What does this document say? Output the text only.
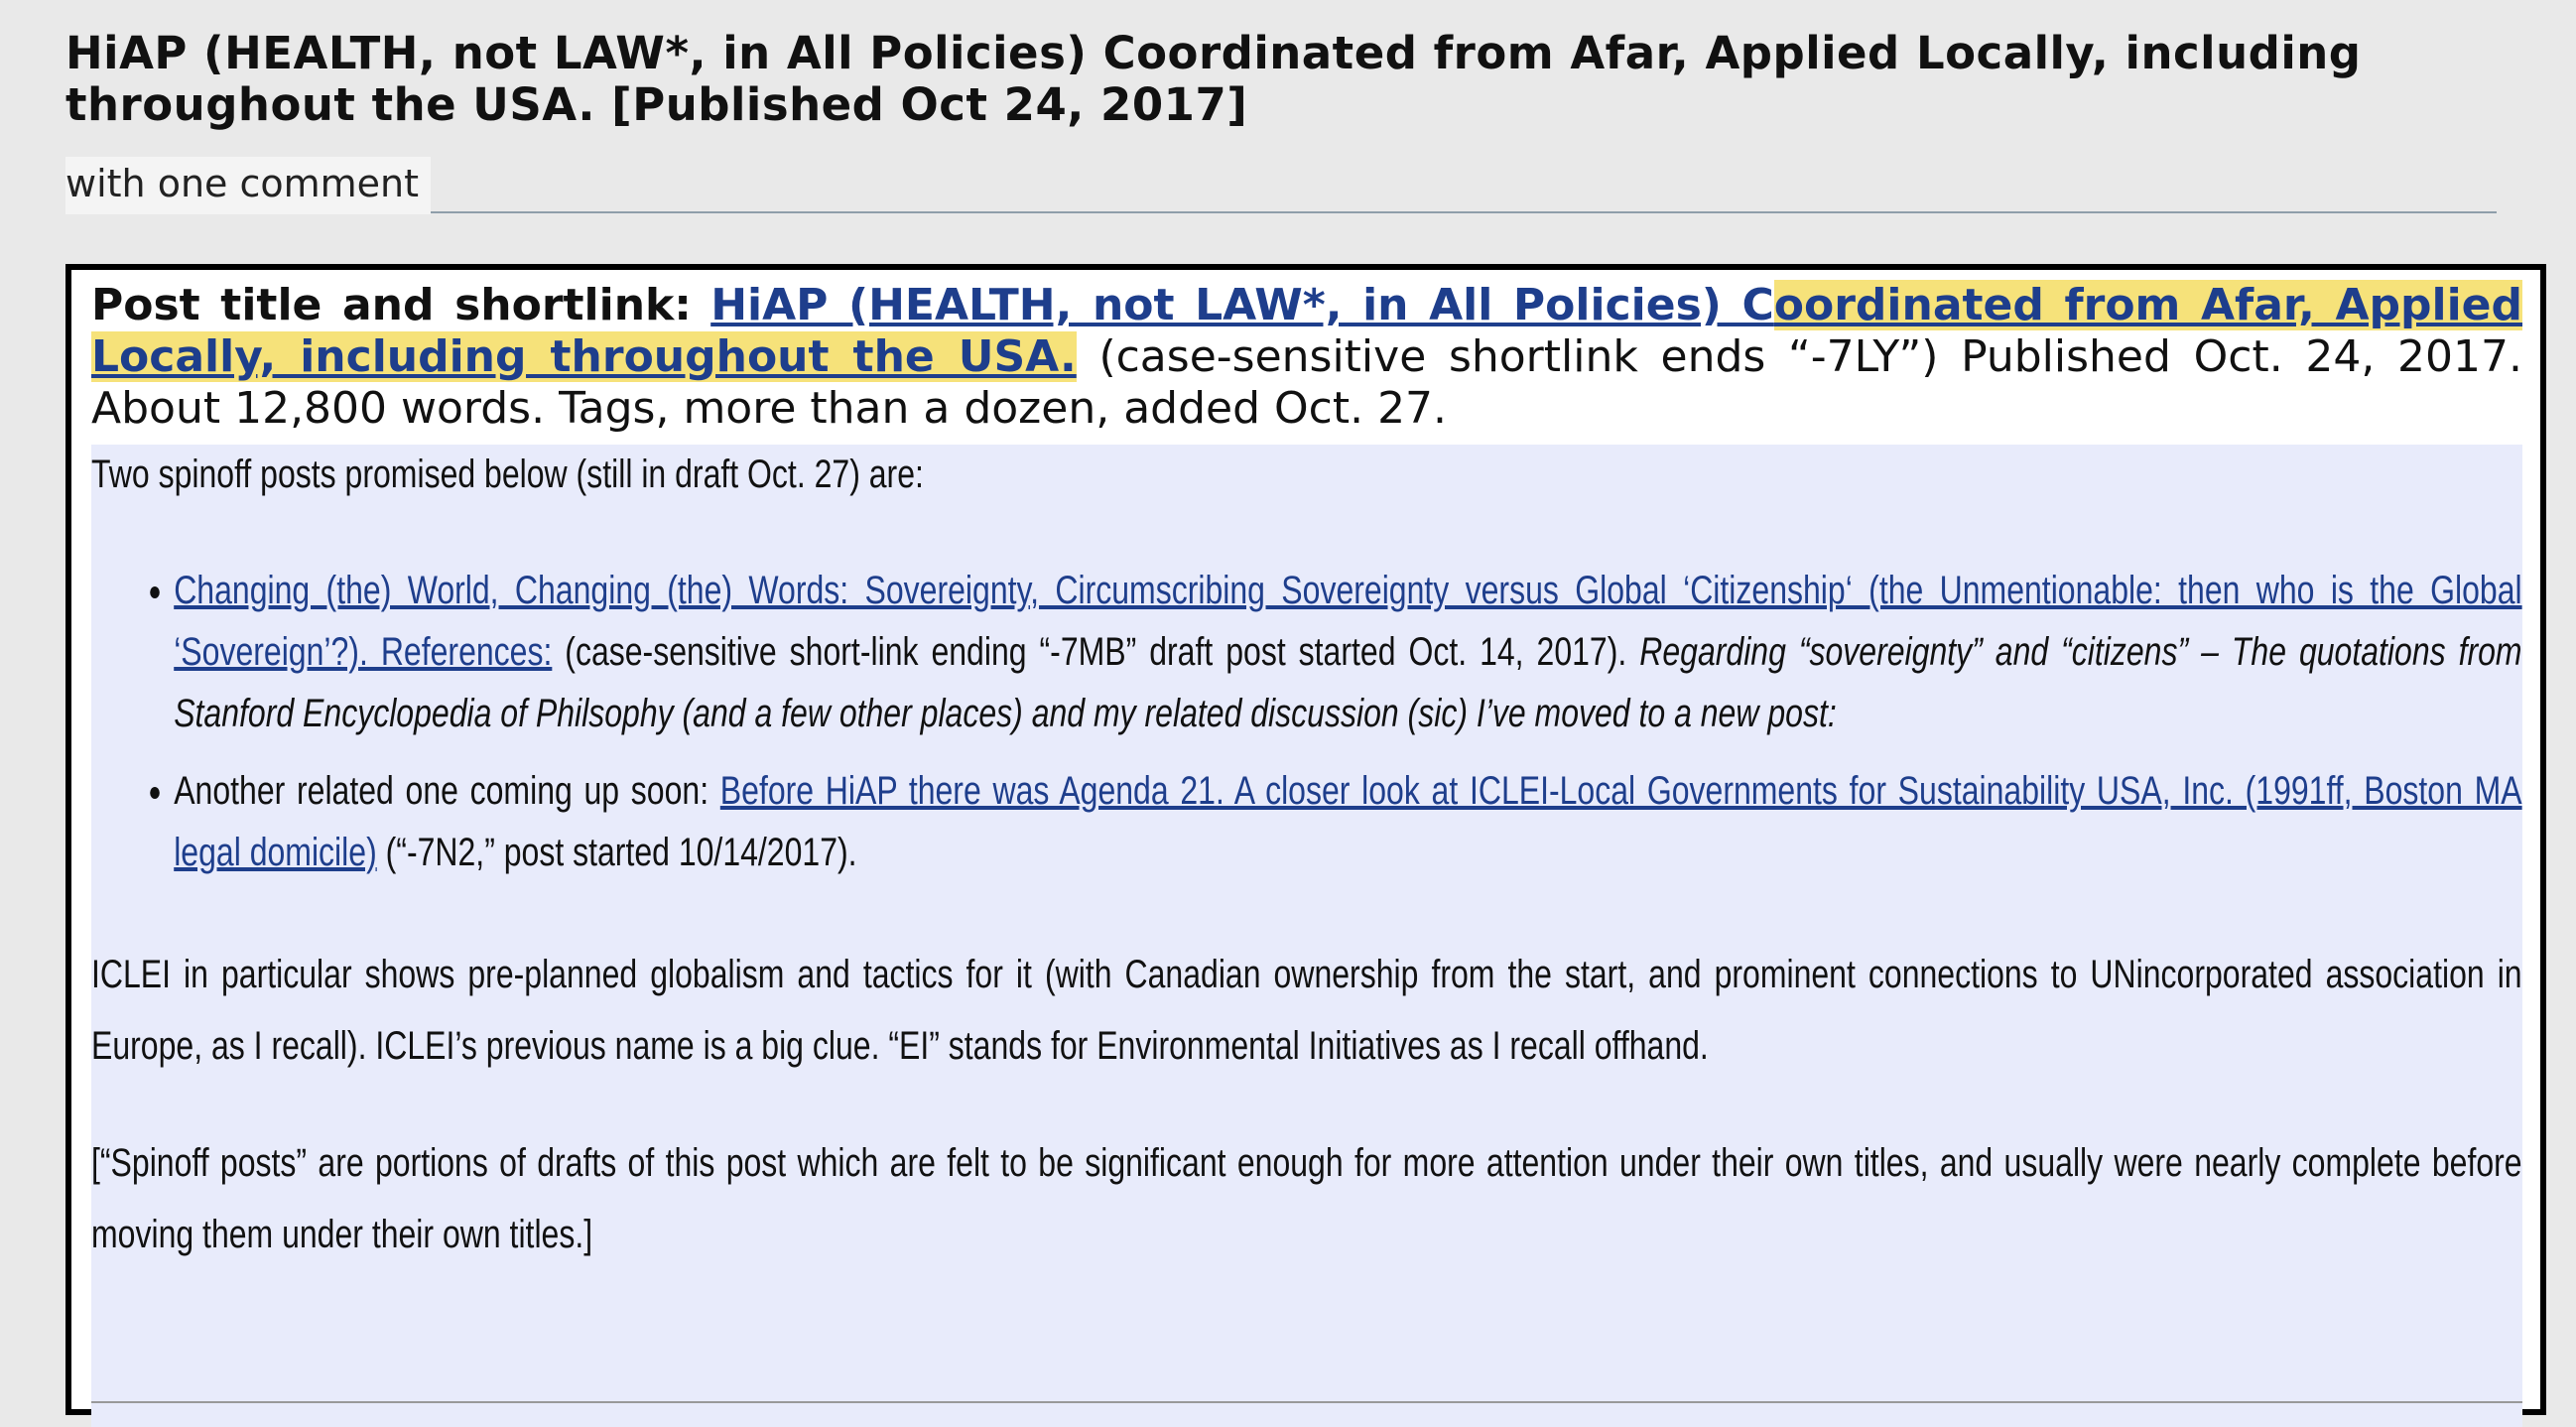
HiAP (HEALTH, not LAW*, in All Policies) Coordinated from Afar, Applied Locally, including throughout the USA. [Published Oct 24, 2017]
with one comment

Post title and shortlink: HiAP (HEALTH, not LAW*, in All Policies) Coordinated from Afar, Applied Locally, including throughout the USA. (case-sensitive shortlink ends “-7LY”) Published Oct. 24, 2017. About 12,800 words. Tags, more than a dozen, added Oct. 27.

Two spinoff posts promised below (still in draft Oct. 27) are:

• Changing (the) World, Changing (the) Words: Sovereignty, Circumscribing Sovereignty versus Global ‘Citizenship‘ (the Unmentionable: then who is the Global ‘Sovereign’?). References: (case-sensitive short-link ending “-7MB” draft post started Oct. 14, 2017). Regarding “sovereignty” and “citizens” – The quotations from Stanford Encyclopedia of Philsophy (and a few other places) and my related discussion (sic) I’ve moved to a new post:
• Another related one coming up soon: Before HiAP there was Agenda 21. A closer look at ICLEI-Local Governments for Sustainability USA, Inc. (1991ff, Boston MA legal domicile) (“-7N2,” post started 10/14/2017).

ICLEI in particular shows pre-planned globalism and tactics for it (with Canadian ownership from the start, and prominent connections to UNincorporated association in Europe, as I recall). ICLEI’s previous name is a big clue. “EI” stands for Environmental Initiatives as I recall offhand.

[“Spinoff posts” are portions of drafts of this post which are felt to be significant enough for more attention under their own titles, and usually were nearly complete before moving them under their own titles.]
